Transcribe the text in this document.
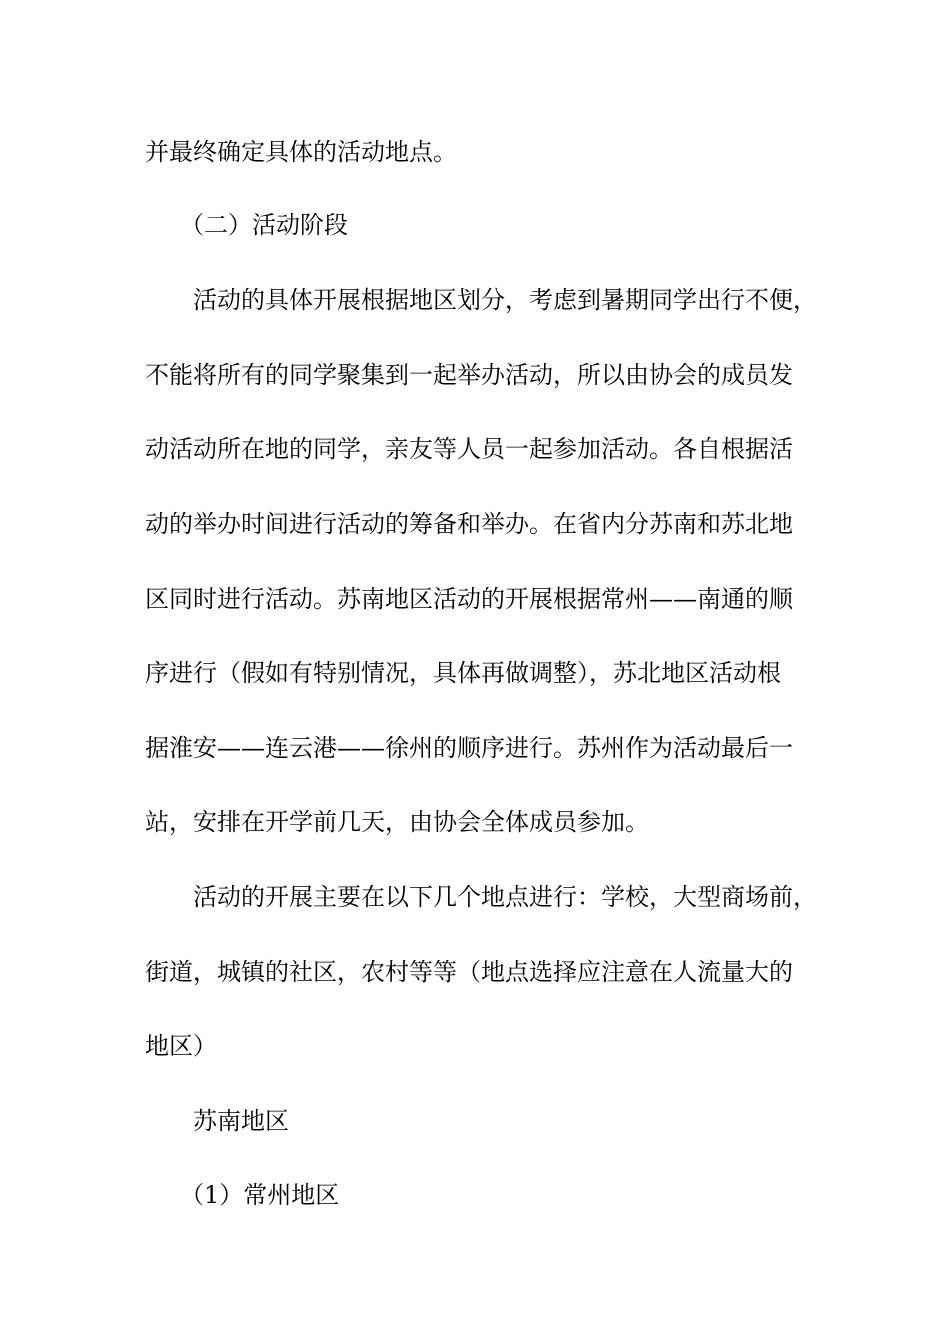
并最终确定具体的活动地点。
（二）活动阶段
活动的具体开展根据地区划分，考虑到暑期同学出行不便，
不能将所有的同学聚集到一起举办活动，所以由协会的成员发
动活动所在地的同学，亲友等人员一起参加活动。各自根据活
动的举办时间进行活动的筹备和举办。在省内分苏南和苏北地
区同时进行活动。苏南地区活动的开展根据常州——南通的顺
序进行（假如有特别情况，具体再做调整），苏北地区活动根
据淮安——连云港——徐州的顺序进行。苏州作为活动最后一
站，安排在开学前几天，由协会全体成员参加。
活动的开展主要在以下几个地点进行：学校，大型商场前，
街道，城镇的社区，农村等等（地点选择应注意在人流量大的
地区）
苏南地区
（1）常州地区
